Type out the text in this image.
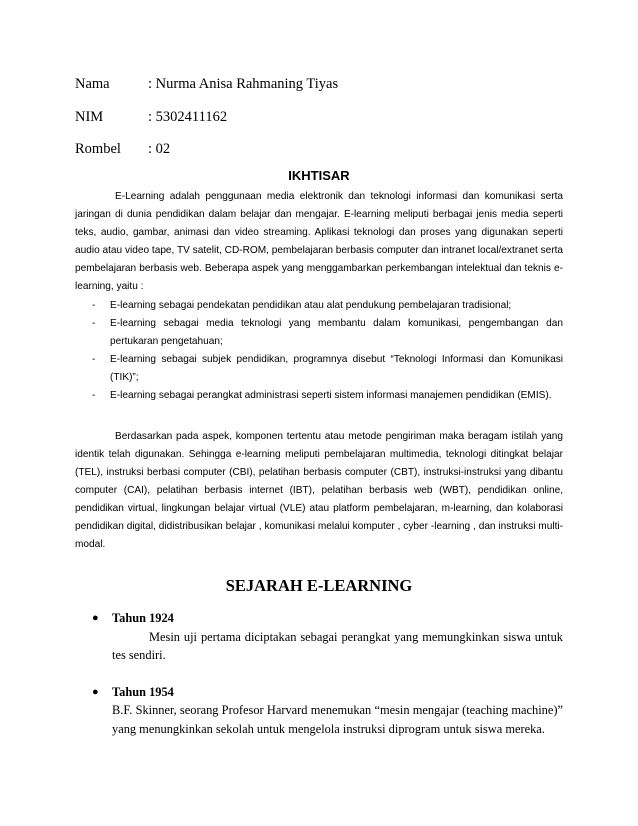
Nama	: Nurma Anisa Rahmaning Tiyas
NIM	: 5302411162
Rombel : 02
IKHTISAR

E-Learning adalah penggunaan media elektronik dan teknologi informasi dan komunikasi serta jaringan di dunia pendidikan dalam belajar dan mengajar. E-learning meliputi berbagai jenis media seperti teks, audio, gambar, animasi dan video streaming. Aplikasi teknologi dan proses yang digunakan seperti audio atau video tape, TV satelit, CD-ROM, pembelajaran berbasis computer dan intranet local/extranet serta pembelajaran berbasis web. Beberapa aspek yang menggambarkan perkembangan intelektual dan teknis e-learning, yaitu :

- E-learning sebagai pendekatan pendidikan atau alat pendukung pembelajaran tradisional;
- E-learning sebagai media teknologi yang membantu dalam komunikasi, pengembangan dan pertukaran pengetahuan;
- E-learning sebagai subjek pendidikan, programnya disebut “Teknologi Informasi dan Komunikasi (TIK)”;
- E-learning sebagai perangkat administrasi seperti sistem informasi manajemen pendidikan (EMIS).

Berdasarkan pada aspek, komponen tertentu atau metode pengiriman maka beragam istilah yang identik telah digunakan. Sehingga e-learning meliputi pembelajaran multimedia, teknologi ditingkat belajar (TEL), instruksi berbasi computer (CBI), pelatihan berbasis computer (CBT), instruksi-instruksi yang dibantu computer (CAI), pelatihan berbasis internet (IBT), pelatihan berbasis web (WBT), pendidikan online, pendidikan virtual, lingkungan belajar virtual (VLE) atau platform pembelajaran, m-learning, dan kolaborasi pendidikan digital, didistribusikan belajar , komunikasi melalui komputer , cyber -learning , dan instruksi multi-modal.

SEJARAH E-LEARNING
● Tahun 1924
Mesin uji pertama diciptakan sebagai perangkat yang memungkinkan siswa untuk tes sendiri.
● Tahun 1954
B.F. Skinner, seorang Profesor Harvard menemukan “mesin mengajar (teaching machine)” yang menungkinkan sekolah untuk mengelola instruksi diprogram untuk siswa mereka.
